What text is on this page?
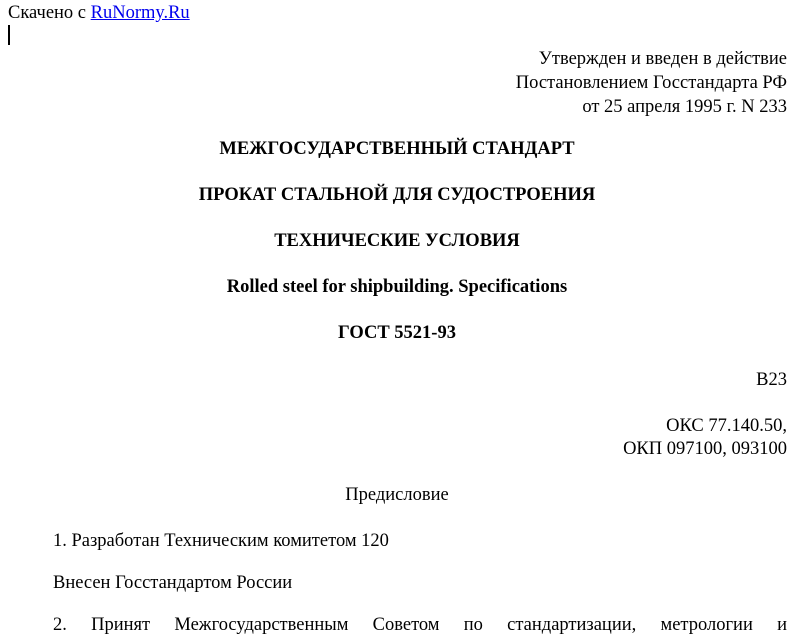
Скачено с RuNormy.Ru
Утвержден и введен в действие
Постановлением Госстандарта РФ
от 25 апреля 1995 г. N 233
МЕЖГОСУДАРСТВЕННЫЙ СТАНДАРТ
ПРОКАТ СТАЛЬНОЙ ДЛЯ СУДОСТРОЕНИЯ
ТЕХНИЧЕСКИЕ УСЛОВИЯ
Rolled steel for shipbuilding. Specifications
ГОСТ 5521-93
В23
ОКС 77.140.50,
ОКП 097100, 093100
Предисловие
1. Разработан Техническим комитетом 120
Внесен Госстандартом России
2. Принят Межгосударственным Советом по стандартизации, метрологии и
